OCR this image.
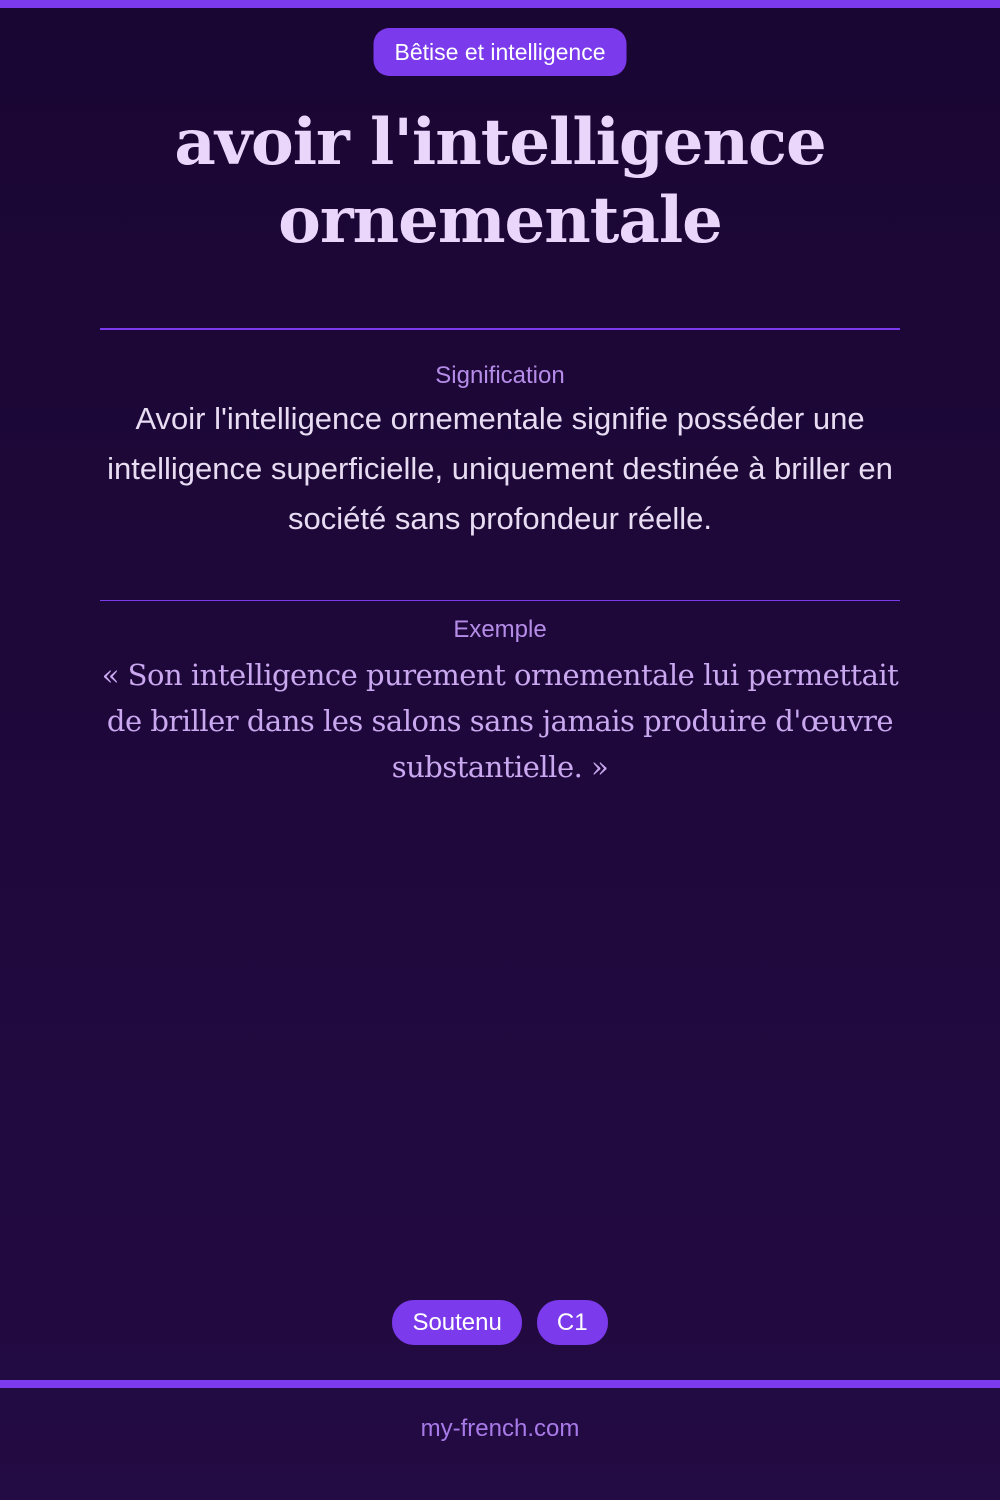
Bêtise et intelligence
avoir l'intelligence ornementale
Signification

Avoir l'intelligence ornementale signifie posséder une intelligence superficielle, uniquement destinée à briller en société sans profondeur réelle.

Exemple

« Son intelligence purement ornementale lui permettait de briller dans les salons sans jamais produire d'œuvre substantielle. »

Soutenu	C1
my-french.com
